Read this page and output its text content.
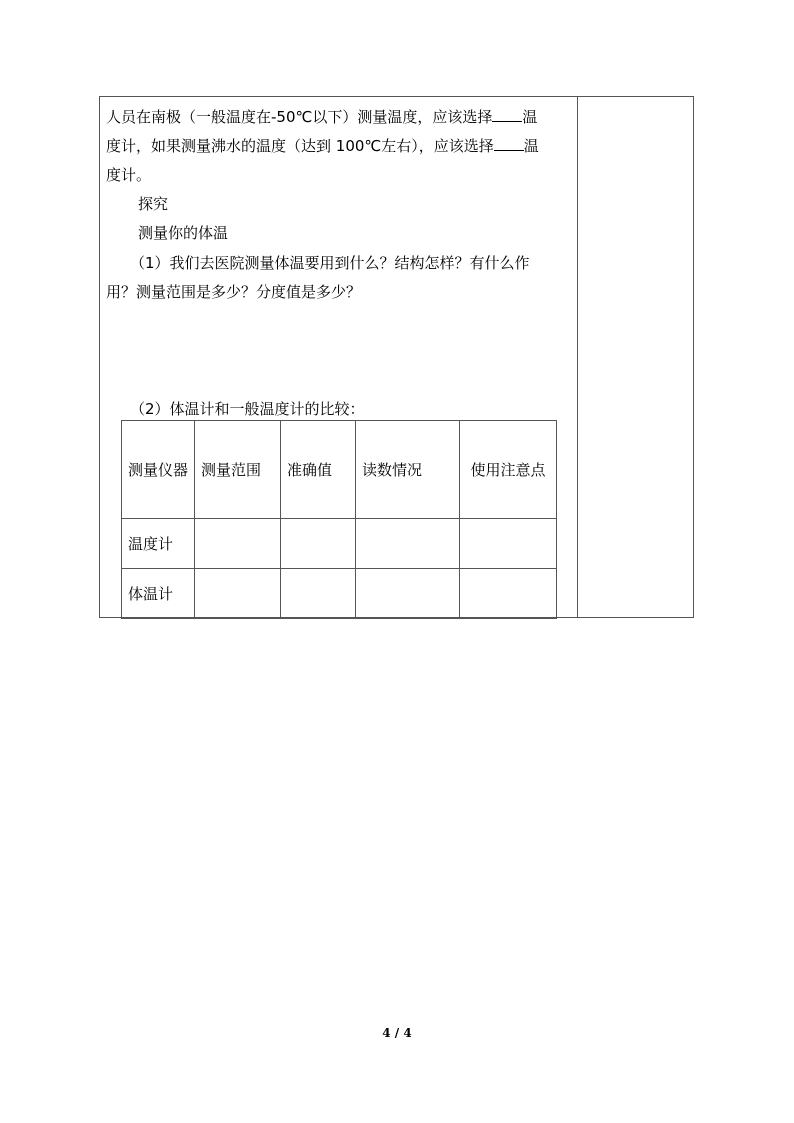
人员在南极（一般温度在-50℃以下）测量温度，应该选择 温
度计，如果测量沸水的温度（达到 100℃左右），应该选择 温
度计。
探究
测量你的体温
（1）我们去医院测量体温要用到什么？结构怎样？有什么作
用？测量范围是多少？分度值是多少？
（2）体温计和一般温度计的比较：
测量仪器	测量范围	准确值	读数情况	使用注意点
温度计				
体温计				
4 / 4
